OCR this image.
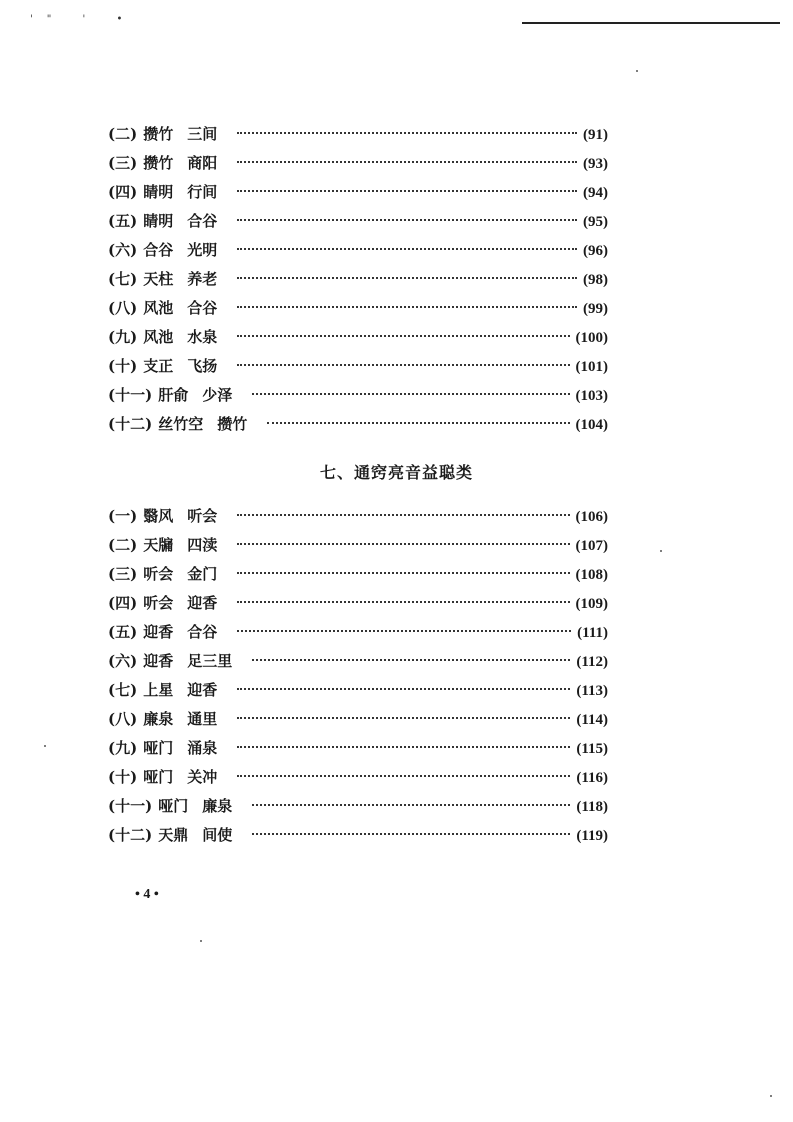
'" ' •
(二) 攒竹 三间	(91)
(三) 攒竹 商阳	(93)
(四) 睛明 行间	(94)
(五) 睛明 合谷	(95)
(六) 合谷 光明	(96)
(七) 天柱 养老	(98)
(八) 风池 合谷	(99)
(九) 风池 水泉	(100)
(十) 支正 飞扬	(101)
(十一) 肝俞 少泽	(103)
(十二) 丝竹空 攒竹	(104)
七、通窍亮音益聪类
(一) 翳风 听会	(106)
(二) 天牖 四渎	(107)
(三) 听会 金门	(108)
(四) 听会 迎香	(109)
(五) 迎香 合谷	(111)
(六) 迎香 足三里	(112)
(七) 上星 迎香	(113)
(八) 廉泉 通里	(114)
(九) 哑门 涌泉	(115)
(十) 哑门 关冲	(116)
(十一) 哑门 廉泉	(118)
(十二) 天鼎 间使	(119)
• 4 •
